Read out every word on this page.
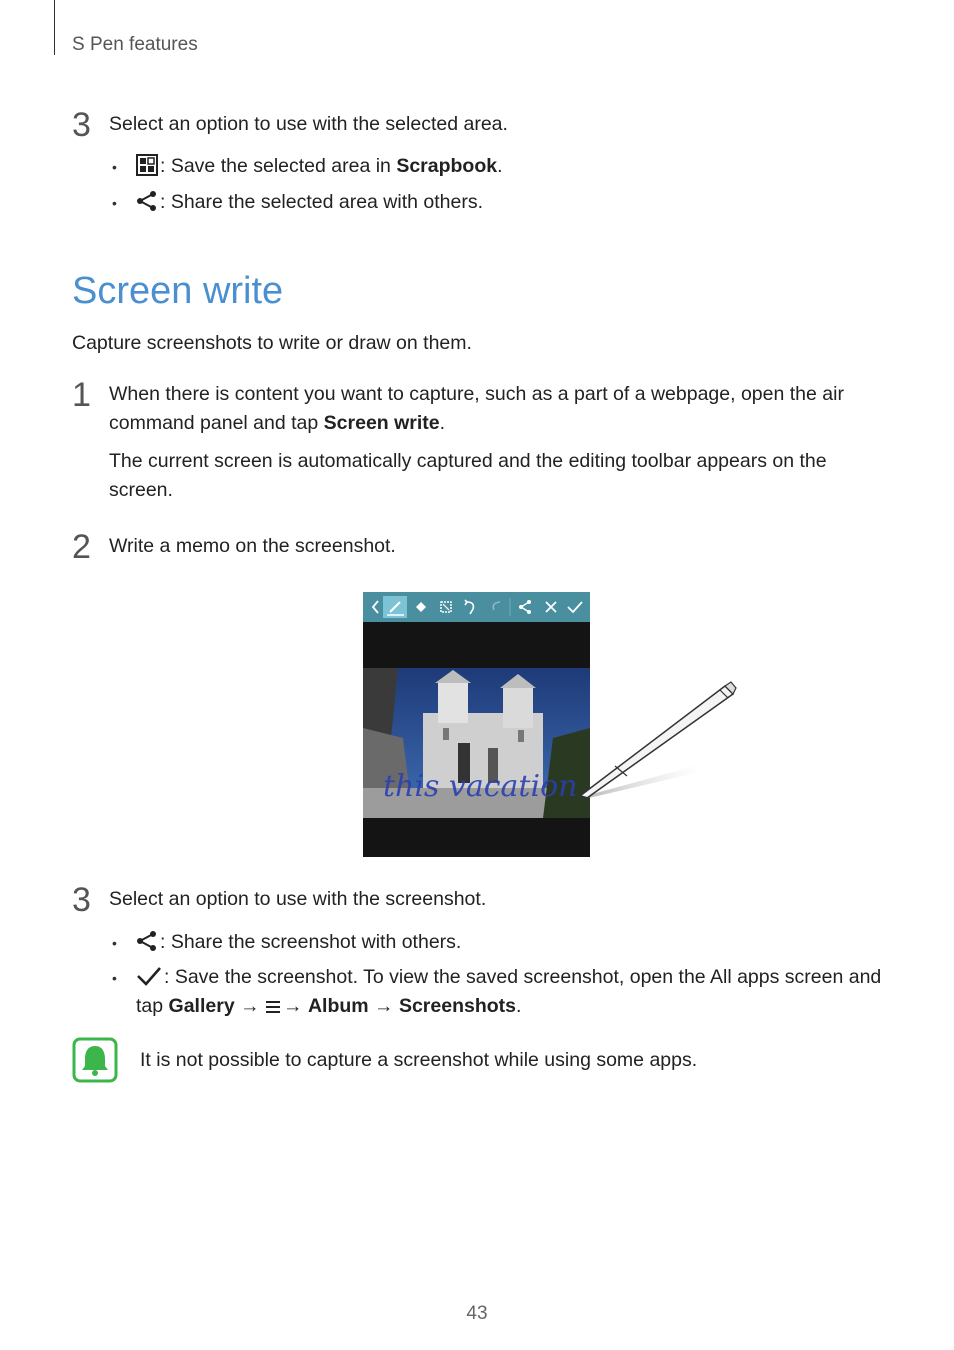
S Pen features
3 Select an option to use with the selected area.
•	: Save the selected area in Scrapbook.
•	: Share the selected area with others.
Screen write
Capture screenshots to write or draw on them.
1 When there is content you want to capture, such as a part of a webpage, open the air
command panel and tap Screen write.
The current screen is automatically captured and the editing toolbar appears on the
screen.
2 Write a memo on the screenshot.
this vacation
3 Select an option to use with the screenshot.
•	: Share the screenshot with others.
•	: Save the screenshot. To view the saved screenshot, open the All apps screen and
tap Gallery → → Album → Screenshots.
It is not possible to capture a screenshot while using some apps.
43
